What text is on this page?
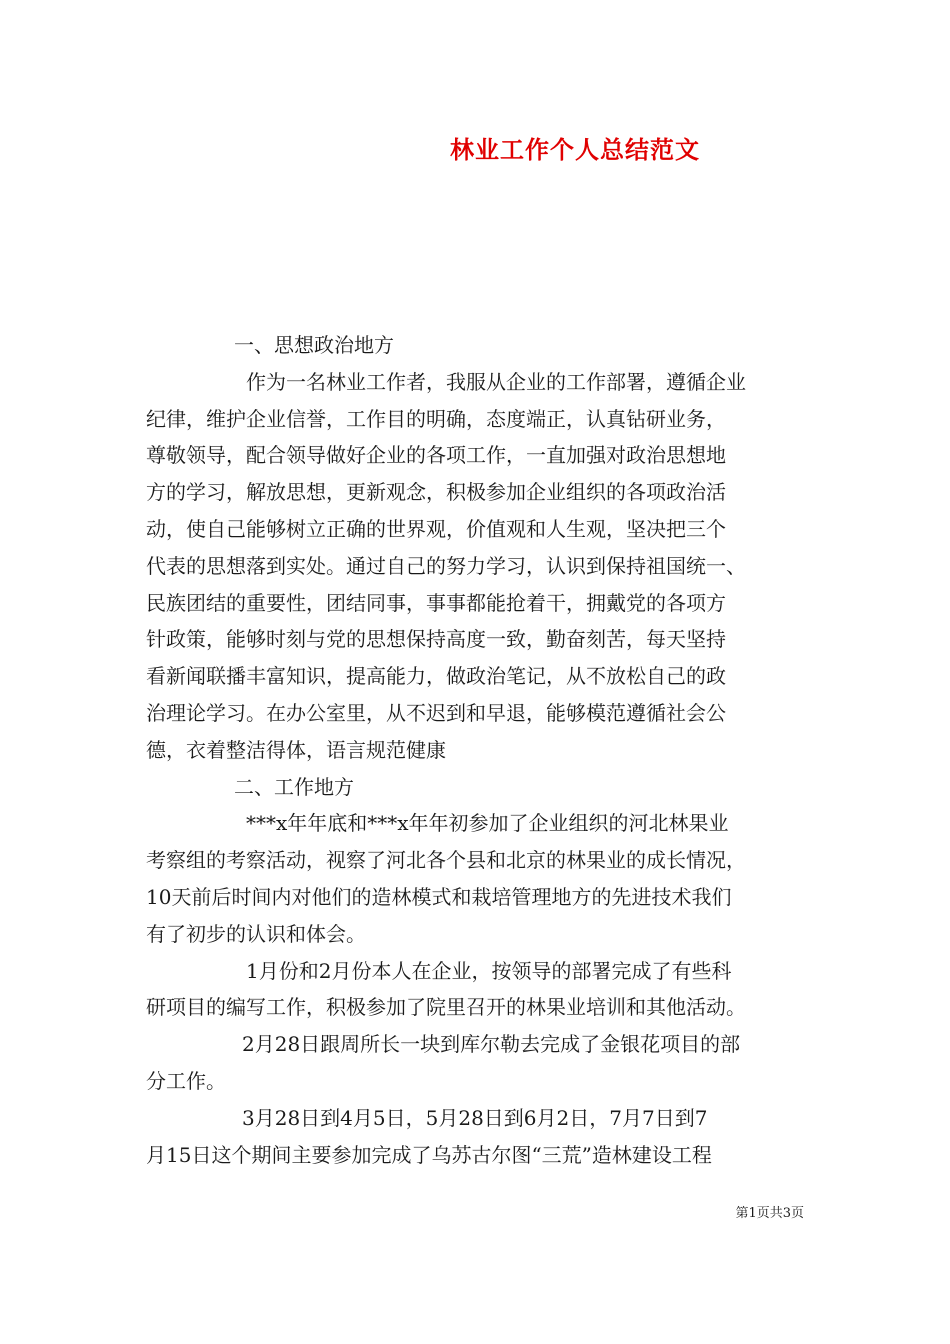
林业工作个人总结范文
一、思想政治地方
作为一名林业工作者，我服从企业的工作部署，遵循企业
纪律，维护企业信誉，工作目的明确，态度端正，认真钻研业务，
尊敬领导，配合领导做好企业的各项工作，一直加强对政治思想地
方的学习，解放思想，更新观念，积极参加企业组织的各项政治活
动，使自己能够树立正确的世界观，价值观和人生观，坚决把三个
代表的思想落到实处。通过自己的努力学习，认识到保持祖国统一、
民族团结的重要性，团结同事，事事都能抢着干，拥戴党的各项方
针政策，能够时刻与党的思想保持高度一致，勤奋刻苦，每天坚持
看新闻联播丰富知识，提高能力，做政治笔记，从不放松自己的政
治理论学习。在办公室里，从不迟到和早退，能够模范遵循社会公
德，衣着整洁得体，语言规范健康
二、工作地方
***x年年底和***x年年初参加了企业组织的河北林果业
考察组的考察活动，视察了河北各个县和北京的林果业的成长情况，
10天前后时间内对他们的造林模式和栽培管理地方的先进技术我们
有了初步的认识和体会。
1月份和2月份本人在企业，按领导的部署完成了有些科
研项目的编写工作，积极参加了院里召开的林果业培训和其他活动。
2月28日跟周所长一块到库尔勒去完成了金银花项目的部
分工作。
3月28日到4月5日，5月28日到6月2日，7月7日到7
月15日这个期间主要参加完成了乌苏古尔图“三荒”造林建设工程
第1页共3页
